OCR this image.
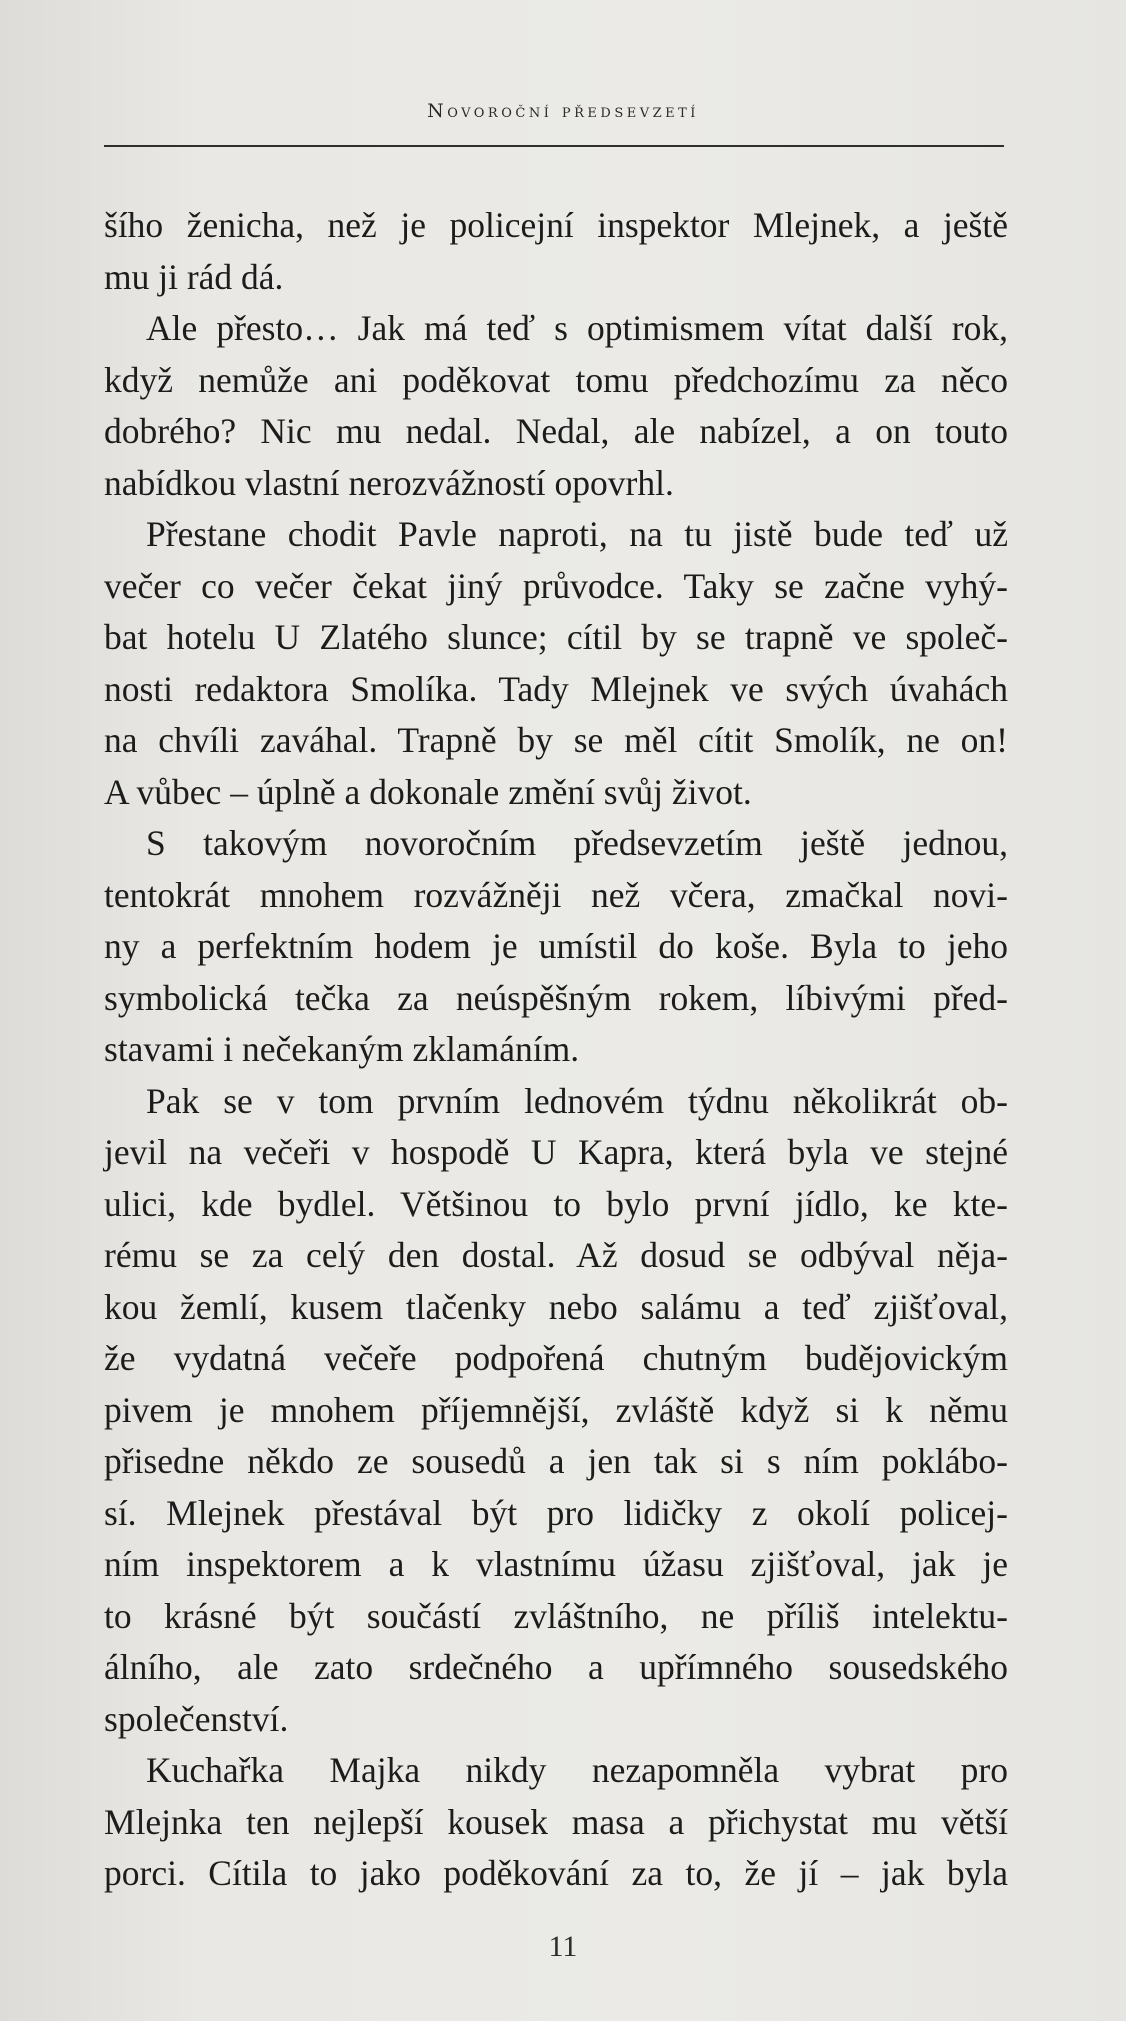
Novoroční předsevzetí
šího ženicha, než je policejní inspektor Mlejnek, a ještě
mu ji rád dá.
Ale přesto… Jak má teď s optimismem vítat další rok,
když nemůže ani poděkovat tomu předchozímu za něco
dobrého? Nic mu nedal. Nedal, ale nabízel, a on touto
nabídkou vlastní nerozvážností opovrhl.
Přestane chodit Pavle naproti, na tu jistě bude teď už
večer co večer čekat jiný průvodce. Taky se začne vyhý-
bat hotelu U Zlatého slunce; cítil by se trapně ve společ-
nosti redaktora Smolíka. Tady Mlejnek ve svých úvahách
na chvíli zaváhal. Trapně by se měl cítit Smolík, ne on!
A vůbec – úplně a dokonale změní svůj život.
S takovým novoročním předsevzetím ještě jednou,
tentokrát mnohem rozvážněji než včera, zmačkal novi-
ny a perfektním hodem je umístil do koše. Byla to jeho
symbolická tečka za neúspěšným rokem, líbivými před-
stavami i nečekaným zklamáním.
Pak se v tom prvním lednovém týdnu několikrát ob-
jevil na večeři v hospodě U Kapra, která byla ve stejné
ulici, kde bydlel. Většinou to bylo první jídlo, ke kte-
rému se za celý den dostal. Až dosud se odbýval něja-
kou žemlí, kusem tlačenky nebo salámu a teď zjišťoval,
že vydatná večeře podpořená chutným budějovickým
pivem je mnohem příjemnější, zvláště když si k němu
přisedne někdo ze sousedů a jen tak si s ním poklábo-
sí. Mlejnek přestával být pro lidičky z okolí policej-
ním inspektorem a k vlastnímu úžasu zjišťoval, jak je
to krásné být součástí zvláštního, ne příliš intelektu-
álního, ale zato srdečného a upřímného sousedského
společenství.
Kuchařka Majka nikdy nezapomněla vybrat pro
Mlejnka ten nejlepší kousek masa a přichystat mu větší
porci. Cítila to jako poděkování za to, že jí – jak byla
11
